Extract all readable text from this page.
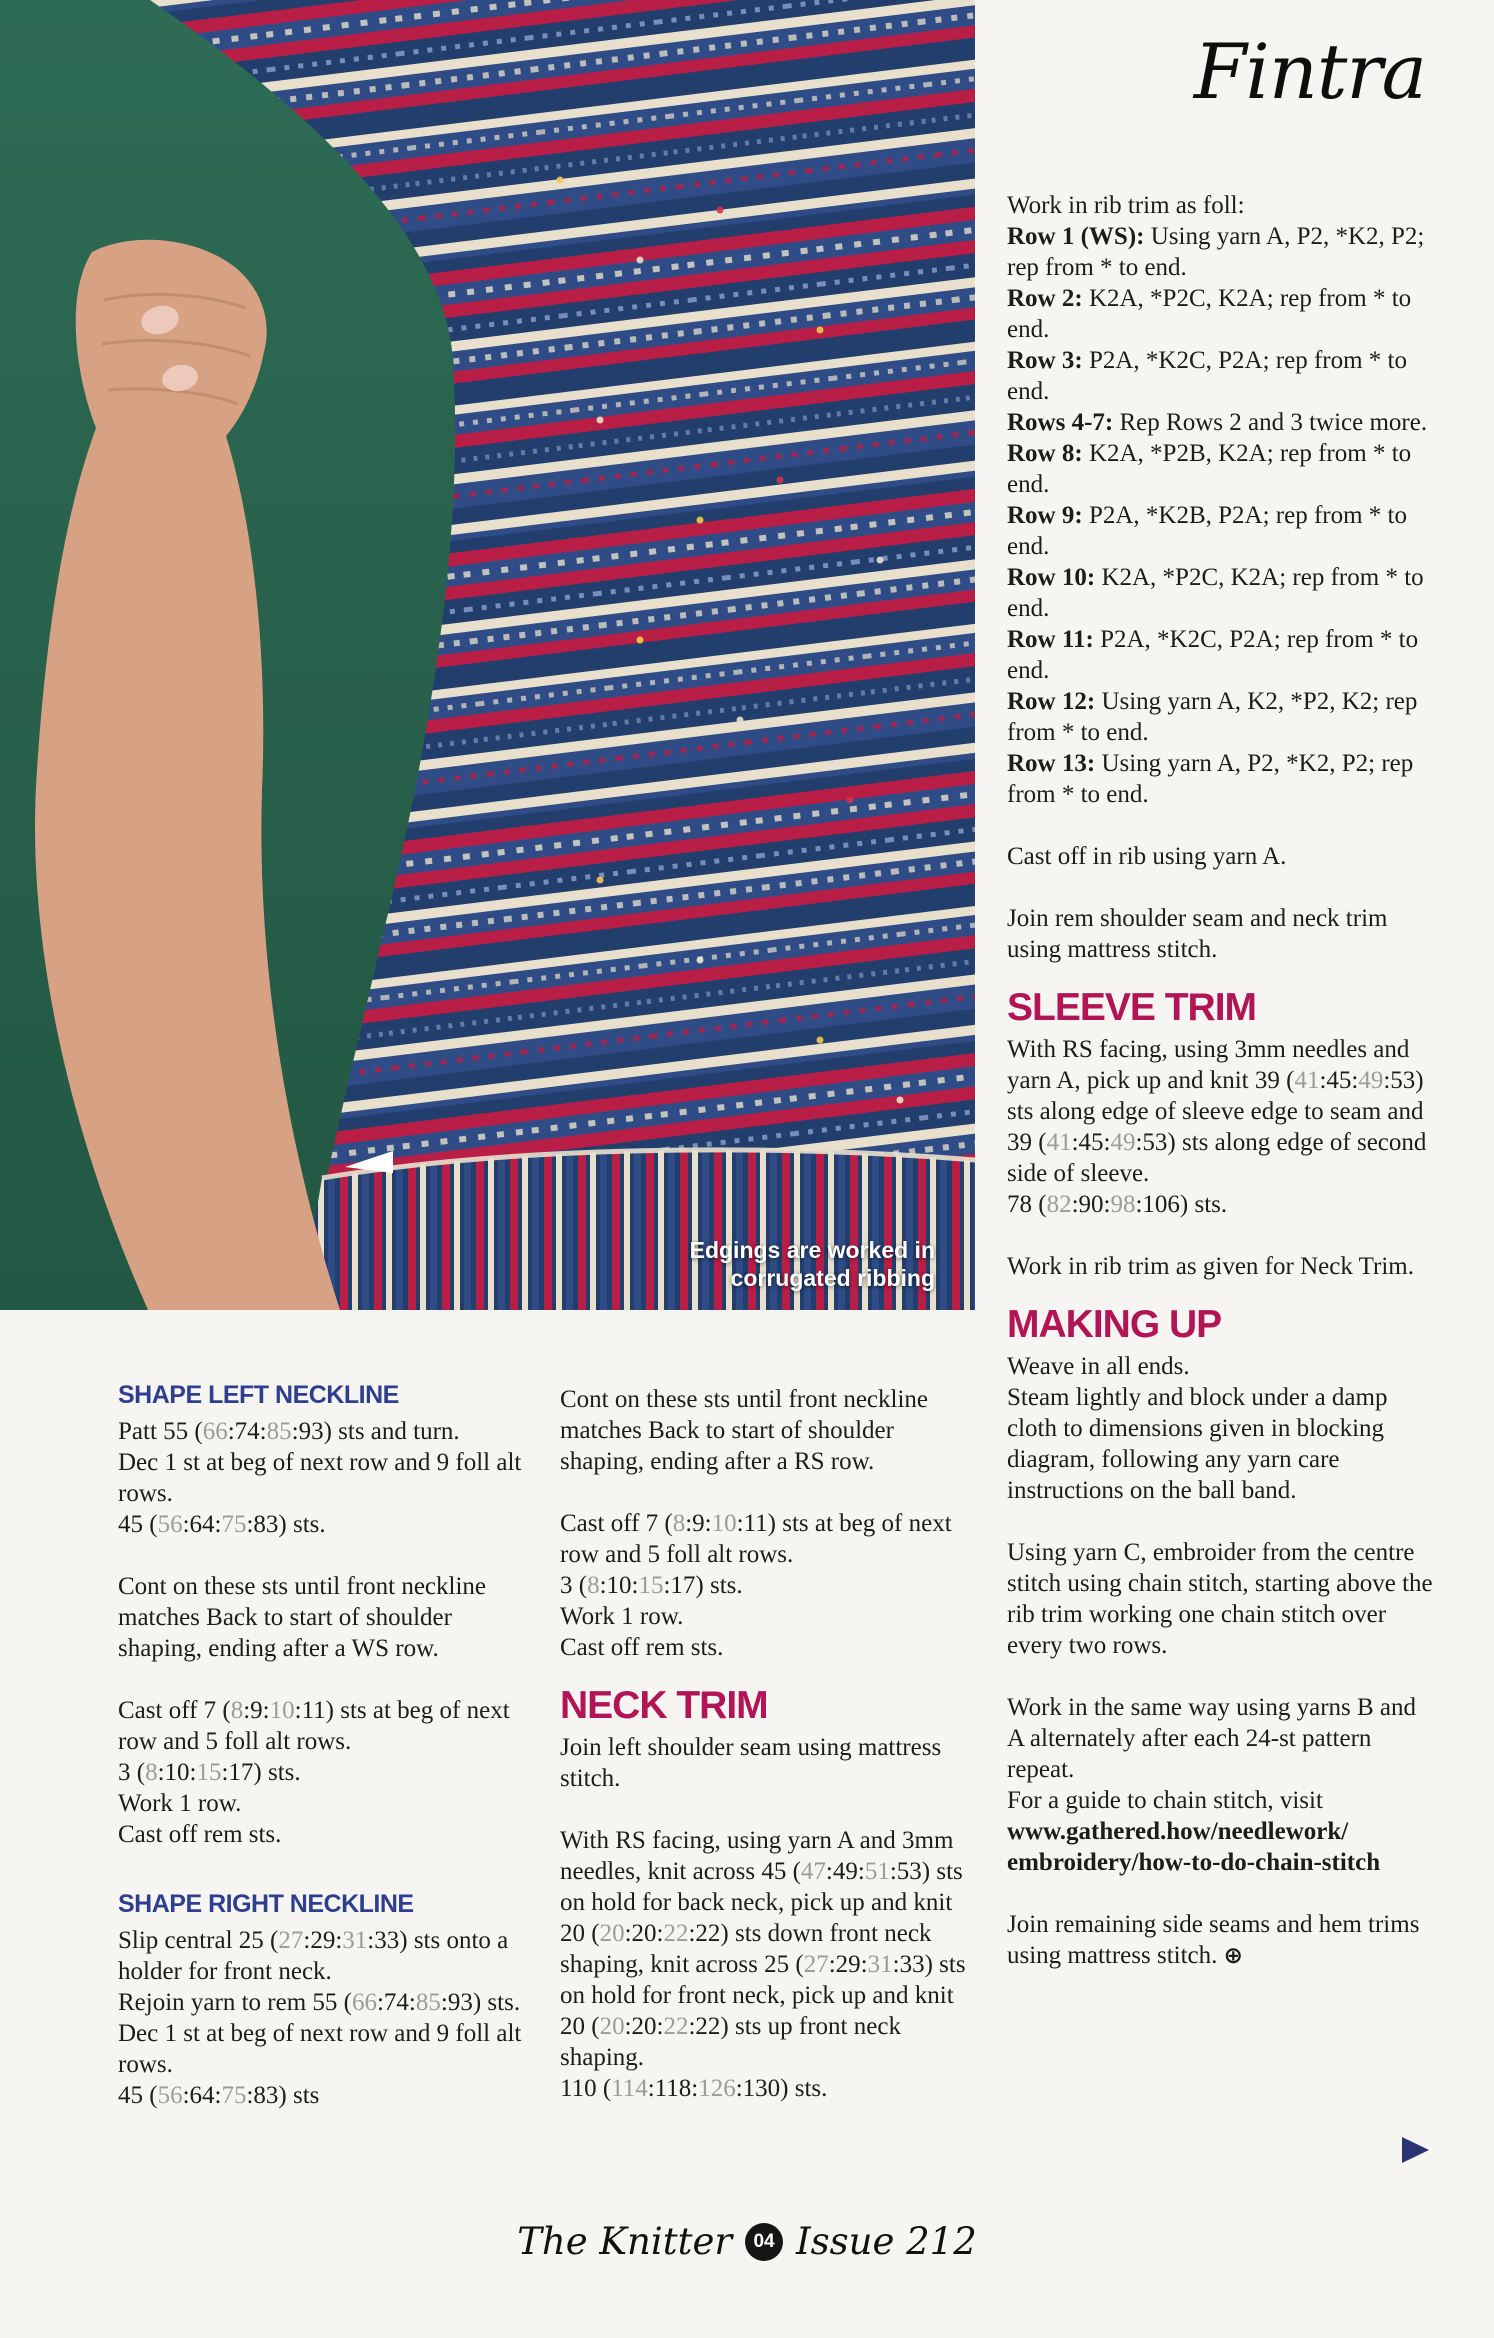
Edgings are worked in
corrugated ribbing
Fintra
SHAPE LEFT NECKLINE

Patt 55 (66:74:85:93) sts and turn.

Dec 1 st at beg of next row and 9 foll alt rows.

45 (56:64:75:83) sts.

Cont on these sts until front neckline matches Back to start of shoulder shaping, ending after a WS row.

Cast off 7 (8:9:10:11) sts at beg of next row and 5 foll alt rows.

3 (8:10:15:17) sts.

Work 1 row.

Cast off rem sts.

SHAPE RIGHT NECKLINE

Slip central 25 (27:29:31:33) sts onto a holder for front neck.

Rejoin yarn to rem 55 (66:74:85:93) sts.

Dec 1 st at beg of next row and 9 foll alt rows.

45 (56:64:75:83) sts

Cont on these sts until front neckline matches Back to start of shoulder shaping, ending after a RS row.

Cast off 7 (8:9:10:11) sts at beg of next row and 5 foll alt rows.

3 (8:10:15:17) sts.

Work 1 row.

Cast off rem sts.

NECK TRIM

Join left shoulder seam using mattress stitch.

With RS facing, using yarn A and 3mm needles, knit across 45 (47:49:51:53) sts on hold for back neck, pick up and knit 20 (20:20:22:22) sts down front neck shaping, knit across 25 (27:29:31:33) sts on hold for front neck, pick up and knit 20 (20:20:22:22) sts up front neck shaping.

110 (114:118:126:130) sts.

Work in rib trim as foll:

Row 1 (WS): Using yarn A, P2, *K2, P2; rep from * to end.

Row 2: K2A, *P2C, K2A; rep from * to end.

Row 3: P2A, *K2C, P2A; rep from * to end.

Rows 4-7: Rep Rows 2 and 3 twice more.

Row 8: K2A, *P2B, K2A; rep from * to end.

Row 9: P2A, *K2B, P2A; rep from * to end.

Row 10: K2A, *P2C, K2A; rep from * to end.

Row 11: P2A, *K2C, P2A; rep from * to end.

Row 12: Using yarn A, K2, *P2, K2; rep from * to end.

Row 13: Using yarn A, P2, *K2, P2; rep from * to end.

Cast off in rib using yarn A.

Join rem shoulder seam and neck trim using mattress stitch.

SLEEVE TRIM

With RS facing, using 3mm needles and yarn A, pick up and knit 39 (41:45:49:53) sts along edge of sleeve edge to seam and 39 (41:45:49:53) sts along edge of second side of sleeve.

78 (82:90:98:106) sts.

Work in rib trim as given for Neck Trim.

MAKING UP

Weave in all ends.

Steam lightly and block under a damp cloth to dimensions given in blocking diagram, following any yarn care instructions on the ball band.

Using yarn C, embroider from the centre stitch using chain stitch, starting above the rib trim working one chain stitch over every two rows.

Work in the same way using yarns B and A alternately after each 24-st pattern repeat.

For a guide to chain stitch, visit

www.gathered.how/needlework/

embroidery/how-to-do-chain-stitch

Join remaining side seams and hem trims using mattress stitch. ⊕

The Knitter	04 Issue 212
